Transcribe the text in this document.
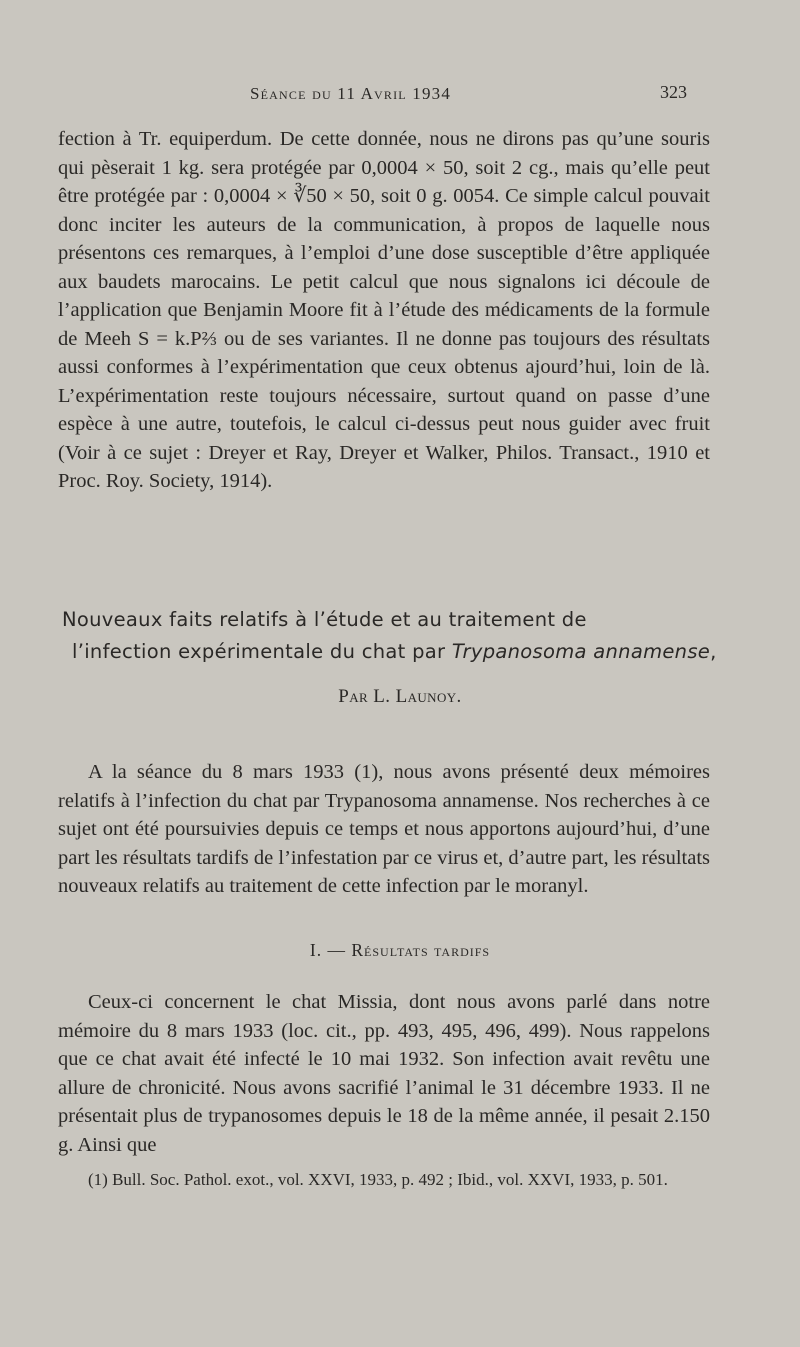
Séance du 11 Avril 1934	323

fection à Tr. equiperdum. De cette donnée, nous ne dirons pas qu’une souris qui pèserait 1 kg. sera protégée par 0,0004 × 50, soit 2 cg., mais qu’elle peut être protégée par : 0,0004 × ∛50 × 50, soit 0 g. 0054. Ce simple calcul pouvait donc inciter les auteurs de la communication, à propos de laquelle nous présentons ces remarques, à l’emploi d’une dose susceptible d’être appliquée aux baudets marocains. Le petit calcul que nous signalons ici découle de l’application que Benjamin Moore fit à l’étude des médicaments de la formule de Meeh S = k.P⅔ ou de ses variantes. Il ne donne pas toujours des résultats aussi conformes à l’expérimentation que ceux obtenus ajourd’hui, loin de là. L’expérimentation reste toujours nécessaire, surtout quand on passe d’une espèce à une autre, toutefois, le calcul ci-dessus peut nous guider avec fruit (Voir à ce sujet : Dreyer et Ray, Dreyer et Walker, Philos. Transact., 1910 et Proc. Roy. Society, 1914).

Nouveaux faits relatifs à l’étude et au traitement de
l’infection expérimentale du chat par Trypanosoma annamense,
Par L. Launoy.

A la séance du 8 mars 1933 (1), nous avons présenté deux mémoires relatifs à l’infection du chat par Trypanosoma annamense. Nos recherches à ce sujet ont été poursuivies depuis ce temps et nous apportons aujourd’hui, d’une part les résultats tardifs de l’infestation par ce virus et, d’autre part, les résultats nouveaux relatifs au traitement de cette infection par le moranyl.

I. — Résultats tardifs

Ceux-ci concernent le chat Missia, dont nous avons parlé dans notre mémoire du 8 mars 1933 (loc. cit., pp. 493, 495, 496, 499). Nous rappelons que ce chat avait été infecté le 10 mai 1932. Son infection avait revêtu une allure de chronicité. Nous avons sacrifié l’animal le 31 décembre 1933. Il ne présentait plus de trypanosomes depuis le 18 de la même année, il pesait 2.150 g. Ainsi que

(1) Bull. Soc. Pathol. exot., vol. XXVI, 1933, p. 492 ; Ibid., vol. XXVI, 1933, p. 501.
